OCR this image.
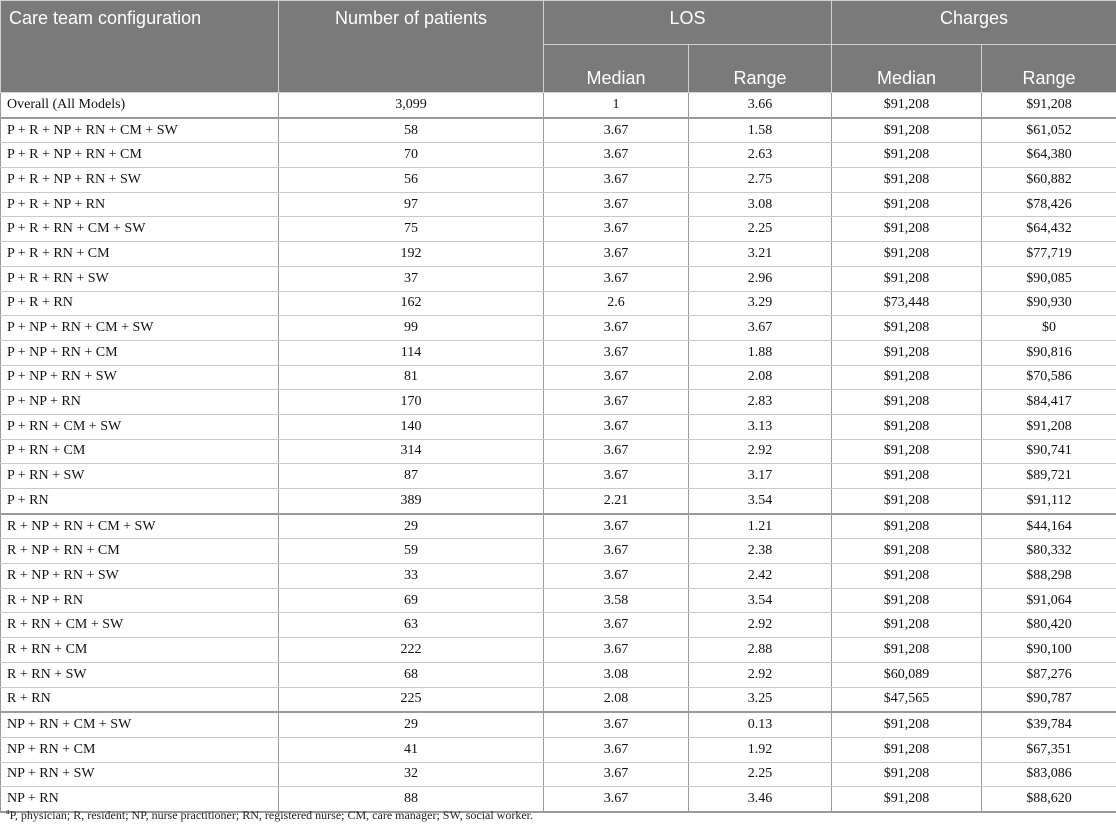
Care team configuration	Number of patients	LOS		Charges	
		Median	Range	Median	Range
Overall (All Models)	3,099	1	3.66	$91,208	$91,208
P + R + NP + RN + CM + SW	58	3.67	1.58	$91,208	$61,052
P + R + NP + RN + CM	70	3.67	2.63	$91,208	$64,380
P + R + NP + RN + SW	56	3.67	2.75	$91,208	$60,882
P + R + NP + RN	97	3.67	3.08	$91,208	$78,426
P + R + RN + CM + SW	75	3.67	2.25	$91,208	$64,432
P + R + RN + CM	192	3.67	3.21	$91,208	$77,719
P + R + RN + SW	37	3.67	2.96	$91,208	$90,085
P + R + RN	162	2.6	3.29	$73,448	$90,930
P + NP + RN + CM + SW	99	3.67	3.67	$91,208	$0
P + NP + RN + CM	114	3.67	1.88	$91,208	$90,816
P + NP + RN + SW	81	3.67	2.08	$91,208	$70,586
P + NP + RN	170	3.67	2.83	$91,208	$84,417
P + RN + CM + SW	140	3.67	3.13	$91,208	$91,208
P + RN + CM	314	3.67	2.92	$91,208	$90,741
P + RN + SW	87	3.67	3.17	$91,208	$89,721
P + RN	389	2.21	3.54	$91,208	$91,112
R + NP + RN + CM + SW	29	3.67	1.21	$91,208	$44,164
R + NP + RN + CM	59	3.67	2.38	$91,208	$80,332
R + NP + RN + SW	33	3.67	2.42	$91,208	$88,298
R + NP + RN	69	3.58	3.54	$91,208	$91,064
R + RN + CM + SW	63	3.67	2.92	$91,208	$80,420
R + RN + CM	222	3.67	2.88	$91,208	$90,100
R + RN + SW	68	3.08	2.92	$60,089	$87,276
R + RN	225	2.08	3.25	$47,565	$90,787
NP + RN + CM + SW	29	3.67	0.13	$91,208	$39,784
NP + RN + CM	41	3.67	1.92	$91,208	$67,351
NP + RN + SW	32	3.67	2.25	$91,208	$83,086
NP + RN	88	3.67	3.46	$91,208	$88,620
$^a$P, physician; R, resident; NP, nurse practitioner; RN, registered nurse; CM, care manager; SW, social worker.
